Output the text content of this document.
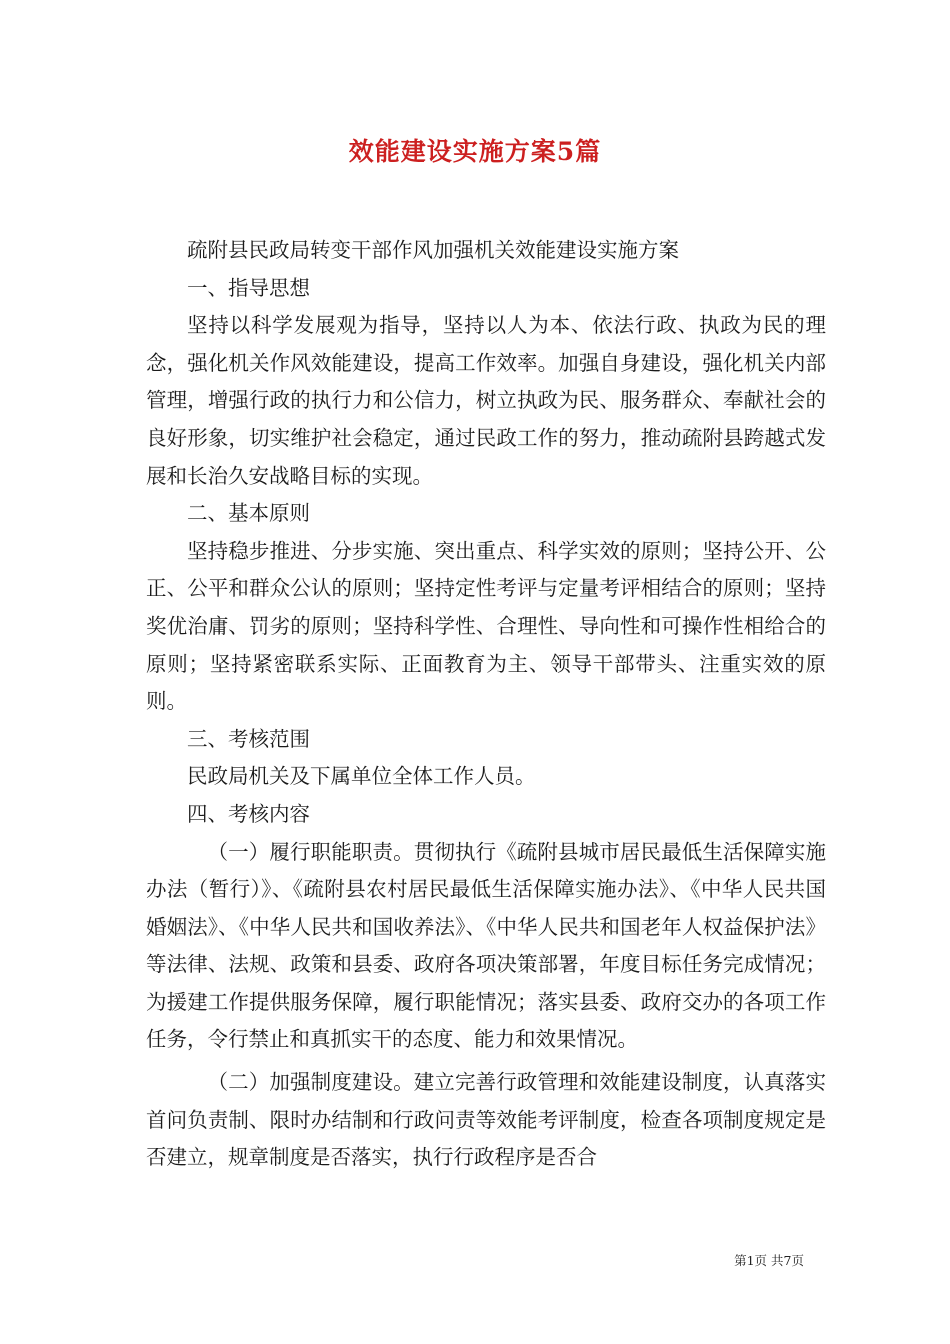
效能建设实施方案5篇

疏附县民政局转变干部作风加强机关效能建设实施方案

一、指导思想

坚持以科学发展观为指导，坚持以人为本、依法行政、执政为民的理念，强化机关作风效能建设，提高工作效率。加强自身建设，强化机关内部管理，增强行政的执行力和公信力，树立执政为民、服务群众、奉献社会的良好形象，切实维护社会稳定，通过民政工作的努力，推动疏附县跨越式发展和长治久安战略目标的实现。

二、基本原则

坚持稳步推进、分步实施、突出重点、科学实效的原则；坚持公开、公正、公平和群众公认的原则；坚持定性考评与定量考评相结合的原则；坚持奖优治庸、罚劣的原则；坚持科学性、合理性、导向性和可操作性相给合的原则；坚持紧密联系实际、正面教育为主、领导干部带头、注重实效的原则。

三、考核范围

民政局机关及下属单位全体工作人员。

四、考核内容

（一）履行职能职责。贯彻执行《疏附县城市居民最低生活保障实施办法（暂行）》、《疏附县农村居民最低生活保障实施办法》、《中华人民共国婚姻法》、《中华人民共和国收养法》、《中华人民共和国老年人权益保护法》等法律、法规、政策和县委、政府各项决策部署，年度目标任务完成情况；为援建工作提供服务保障，履行职能情况；落实县委、政府交办的各项工作任务，令行禁止和真抓实干的态度、能力和效果情况。

（二）加强制度建设。建立完善行政管理和效能建设制度，认真落实首问负责制、限时办结制和行政问责等效能考评制度，检查各项制度规定是否建立，规章制度是否落实，执行行政程序是否合

第1页 共7页
